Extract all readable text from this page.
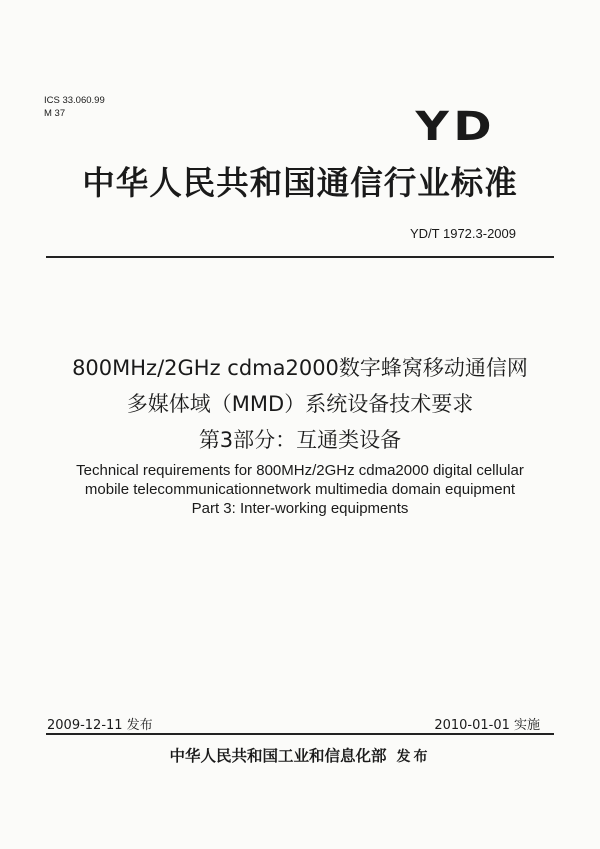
ICS 33.060.99
M 37	YD
中华人民共和国通信行业标准
YD/T 1972.3-2009
800MHz/2GHz cdma2000数字蜂窝移动通信网
多媒体域（MMD）系统设备技术要求
第3部分：互通类设备
Technical requirements for 800MHz/2GHz cdma2000 digital cellular
mobile telecommunicationnetwork multimedia domain equipment
Part 3: Inter-working equipments
2009-12-11 发布	2010-01-01 实施
中华人民共和国工业和信息化部 发布
